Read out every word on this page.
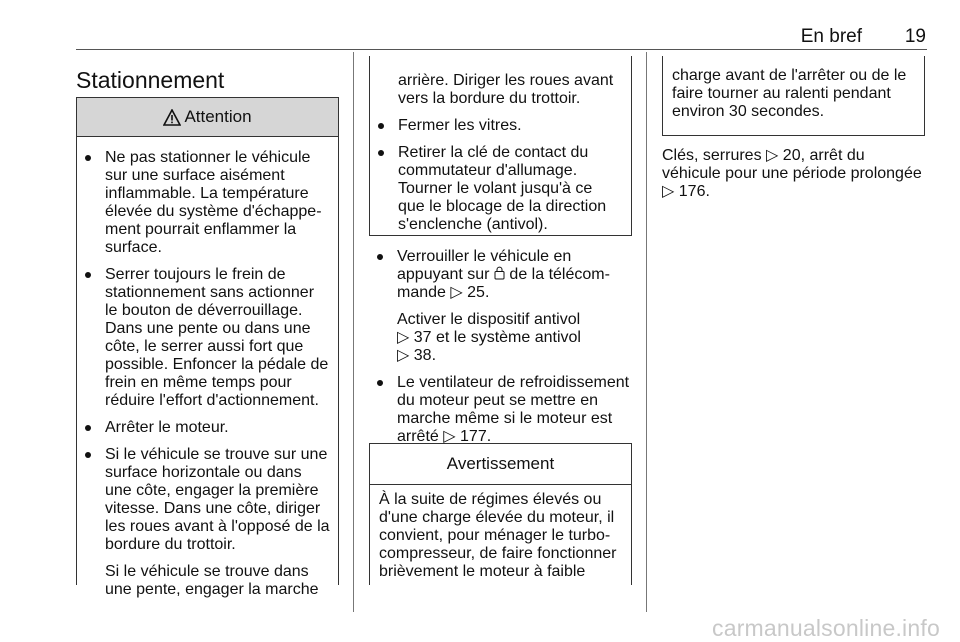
En bref	19
Stationnement
Attention
Ne pas stationner le véhicule
sur une surface aisément
inflammable. La température
élevée du système d'échappe-
ment pourrait enflammer la
surface.
Serrer toujours le frein de
stationnement sans actionner
le bouton de déverrouillage.
Dans une pente ou dans une
côte, le serrer aussi fort que
possible. Enfoncer la pédale de
frein en même temps pour
réduire l'effort d'actionnement.
Arrêter le moteur.
Si le véhicule se trouve sur une
surface horizontale ou dans
une côte, engager la première
vitesse. Dans une côte, diriger
les roues avant à l'opposé de la
bordure du trottoir.
Si le véhicule se trouve dans
une pente, engager la marche
arrière. Diriger les roues avant
vers la bordure du trottoir.
Fermer les vitres.
Retirer la clé de contact du
commutateur d'allumage.
Tourner le volant jusqu'à ce
que le blocage de la direction
s'enclenche (antivol).
Verrouiller le véhicule en
appuyant sur de la télécom-
mande ▷ 25.
Activer le dispositif antivol
▷ 37 et le système antivol
▷ 38.
Le ventilateur de refroidissement
du moteur peut se mettre en
marche même si le moteur est
arrêté ▷ 177.
Avertissement
À la suite de régimes élevés ou
d'une charge élevée du moteur, il
convient, pour ménager le turbo-
compresseur, de faire fonctionner
brièvement le moteur à faible
charge avant de l'arrêter ou de le
faire tourner au ralenti pendant
environ 30 secondes.
Clés, serrures ▷ 20, arrêt du
véhicule pour une période prolongée
▷ 176.
carmanualsonline.info
